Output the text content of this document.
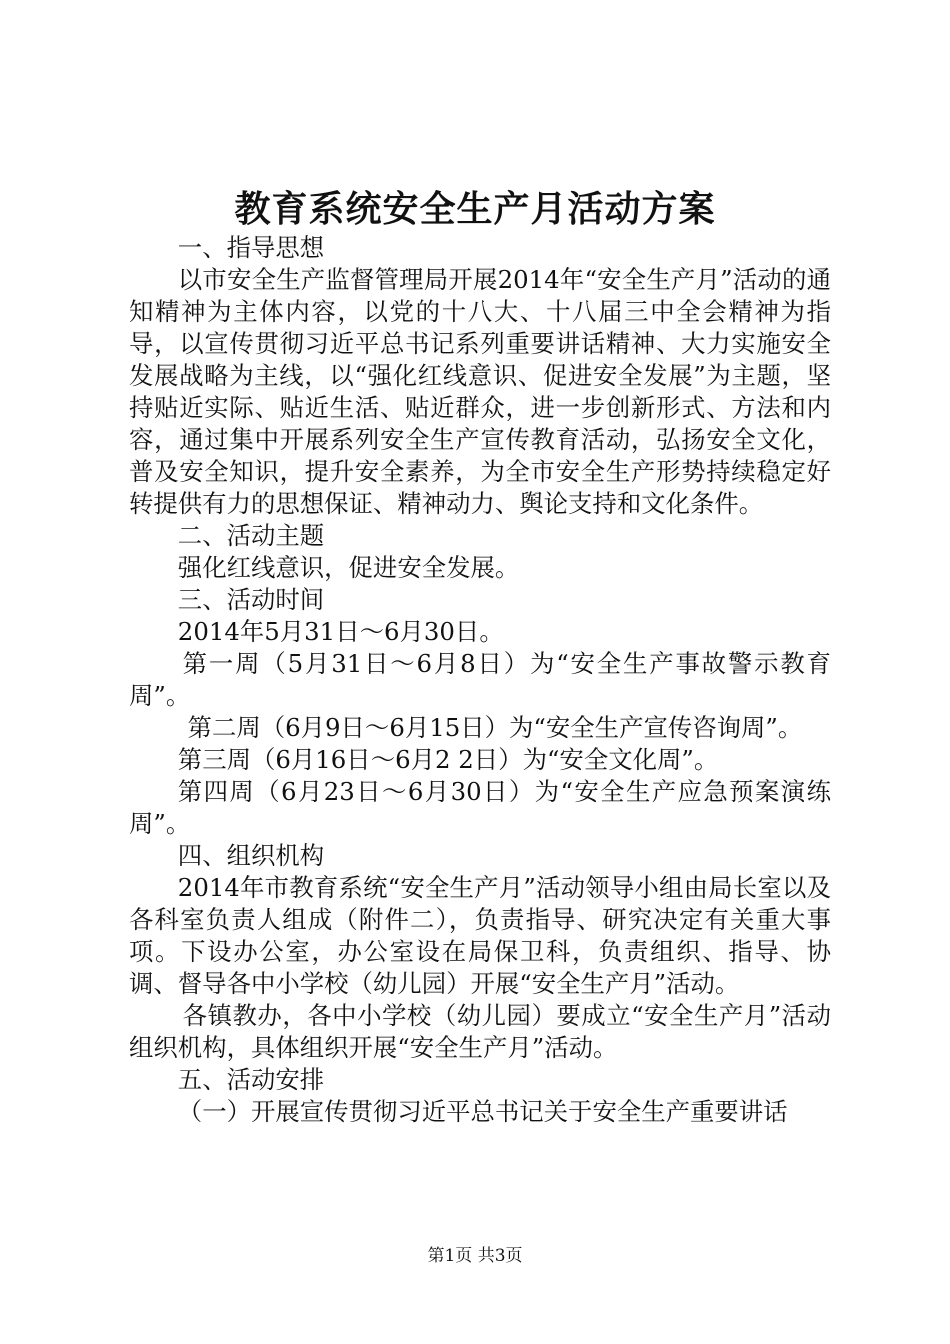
教育系统安全生产月活动方案

一、指导思想

以市安全生产监督管理局开展2014年“安全生产月”活动的通知精神为主体内容，以党的十八大、十八届三中全会精神为指导，以宣传贯彻习近平总书记系列重要讲话精神、大力实施安全发展战略为主线，以“强化红线意识、促进安全发展”为主题，坚持贴近实际、贴近生活、贴近群众，进一步创新形式、方法和内容，通过集中开展系列安全生产宣传教育活动，弘扬安全文化，普及安全知识，提升安全素养，为全市安全生产形势持续稳定好转提供有力的思想保证、精神动力、舆论支持和文化条件。

二、活动主题

强化红线意识，促进安全发展。

三、活动时间

2014年5月31日～6月30日。

第一周（5月31日～6月8日）为“安全生产事故警示教育周”。

第二周（6月9日～6月15日）为“安全生产宣传咨询周”。

第三周（6月16日～6月2 2日）为“安全文化周”。

第四周（6月23日～6月30日）为“安全生产应急预案演练周”。

四、组织机构

2014年市教育系统“安全生产月”活动领导小组由局长室以及各科室负责人组成（附件二），负责指导、研究决定有关重大事项。下设办公室，办公室设在局保卫科，负责组织、指导、协调、督导各中小学校（幼儿园）开展“安全生产月”活动。

各镇教办，各中小学校（幼儿园）要成立“安全生产月”活动组织机构，具体组织开展“安全生产月”活动。

五、活动安排

（一）开展宣传贯彻习近平总书记关于安全生产重要讲话

第1页 共3页
